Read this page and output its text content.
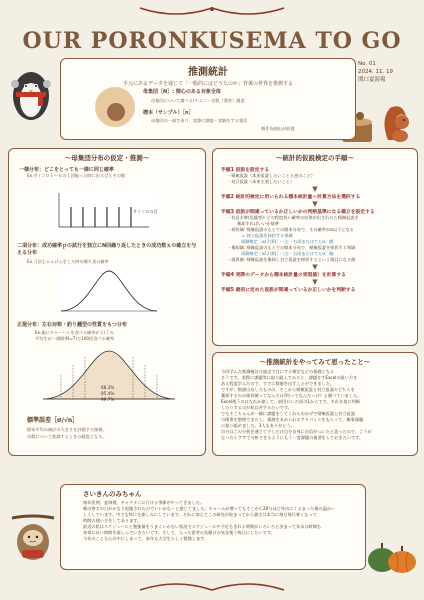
OUR PORONKUSEMA TO GO
No. 01
2024. 11. 19
関口夏海報
推測統計
手元にあるデータを通じて「一般的にはどうなのか」背後の世界を推測する
母集団［N］: 関心のある対象全体
母集団について調べる(チエニー全数（悉皆）調査
標本（サンプル）［n］
母集団の一部であり、実際に調査・実験をする集団
無作為抽出が前提
〜母集団分布の仮定・推測〜
一様分布：どこをとっても一様に同じ確率
Ex.サイコロ１〜６の１回振った時に出る目とその数
サイコロの目
二項分布：成功確率ｐの試行を独立にN回繰り返したときの成功数ｘの確立を与える分布
Ex.３回じゃんけんをした時の勝ち星の確率
正規分布：左右対称・釣り鐘型の性質をもつ分布
Ex.親にチャーハンを食べる確率が２/７の
平均生が一週間(N=7)で100回食べる確率
68.3%
95.4%
99.7%
標準誤差［σ/√n］
標本平均の統計の大きさを評価する指標。
母数について推測するときの精度となる。
〜統計的仮説検定の手順〜
手順1 仮説を設定する
・帰無仮説（本来仮説したいことと逆のこと）
・対立仮説（本来主張したいこと）
▼
手順2 統計的検定に用いられる標本統計量＝計算方法を選択する
▼
手順3 仮説が間違っているか正しいかの判断基準になる確立を設定する
・有意水準(危険率): どの程度低い確率の結果が出されたら帰無仮説を
棄却すればいいか基準
・採択域: 帰無仮説のもとでの標本分布で、その確率がα以下となる
＝ 独立仮説を採択する領域
両側検定［α/２(0)］・［左・右両またはてとα］側
・棄却域: 帰無仮説のもとでの標本分布で、帰無仮説を採択する領域
両側検定［α/２(0)］・［左・右両またはてとα］側
・境界値: 帰無仮説を棄却し対立仮説を採択するという境目になる値
▼
手順4 実際のデータから標本統計量の実現値）を計算する
▼
手順5 最初に定めた仮説が間違っているか正しいかを判断する
〜推測統計をやってみて思ったこと〜
今回学んだ推測統計は過去で目にする検定などの基礎となる
そうです。実際に課題等に取り組んでみると、課題をすExcelの扱い方を
ある程度学んだので、すでに数値を出すことができました。
ですが、数値は出したものの、そこから帰無仮説と対立仮説のどちらを
棄却するのか採択域ってなんだけ?何ってなんだっけ？と調べていました。
Excel使うのはなれか楽して、前回にいた頃の1からです。それを基に判断
したりするのが私は苦手みたいです。
でもそこちゃんが一緒に課題をしてくれたおかげで帰無仮説と対立仮説
の関係を整理できたし、推測を丸められるアドバイスをもらって、無事課題
に取り組めました。3人もありがとう。
自分はこの分析を通じて少しだけ自分自身に自信がついたと思ったので、こうが
なったらすすで分析できるようにもう一度課題の復習をしておきたいです。
さいきんのみちゃん
毎年恒例、夏毎週、チャクナニに行ける季節がやってきました。
朝の寒さの日がかなり短縮されたのでいいかなーと感じてました。チャームが増ってもそこから20分ほど外出にくるまった後の温かい
しくしています。中でも特にを楽しみにしています。それに加えてこの研究が始まってから暑さは本当に毎日毎日寒くなって
時間の使い方をしてあります。
最近の私はスケジュールと勉強量をうまくいかない状況でスケジュールや予定もきれる時間がいろいろと決まって年末の時間も
寿命に長い時間を楽しんでいきたいです。そして、入った思考の先駆けの気を使う毎日にしたいです。
今年のことも心の中にしまって、来年も大学生らしく勉強します。
